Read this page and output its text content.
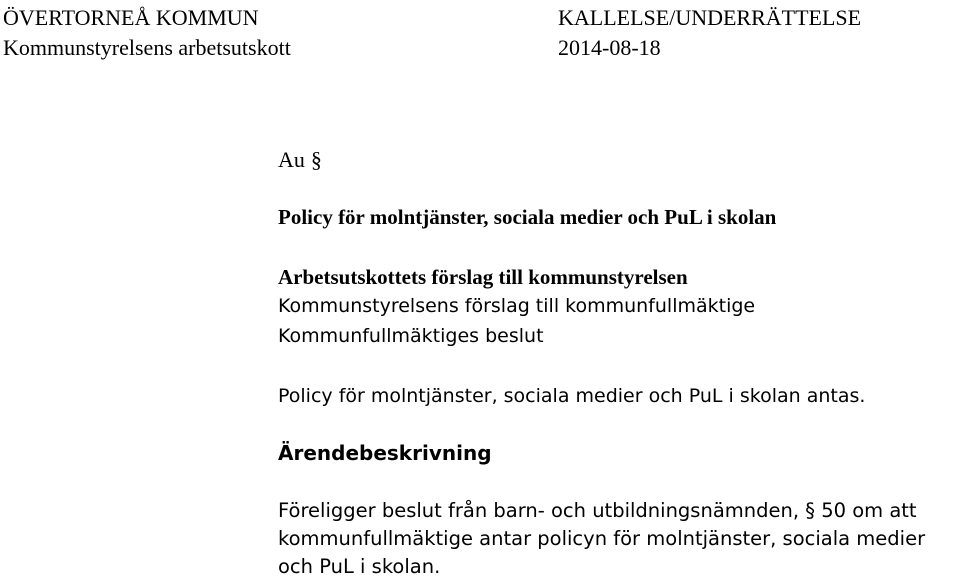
ÖVERTORNEÅ KOMMUN	KALLELSE/UNDERRÄTTELSE
Kommunstyrelsens arbetsutskott	2014-08-18
Au §
Policy för molntjänster, sociala medier och PuL i skolan
Arbetsutskottets förslag till kommunstyrelsen
Kommunstyrelsens förslag till kommunfullmäktige
Kommunfullmäktiges beslut
Policy för molntjänster, sociala medier och PuL i skolan antas.
Ärendebeskrivning
Föreligger beslut från barn- och utbildningsnämnden, § 50 om att
kommunfullmäktige antar policyn för molntjänster, sociala medier
och PuL i skolan.
